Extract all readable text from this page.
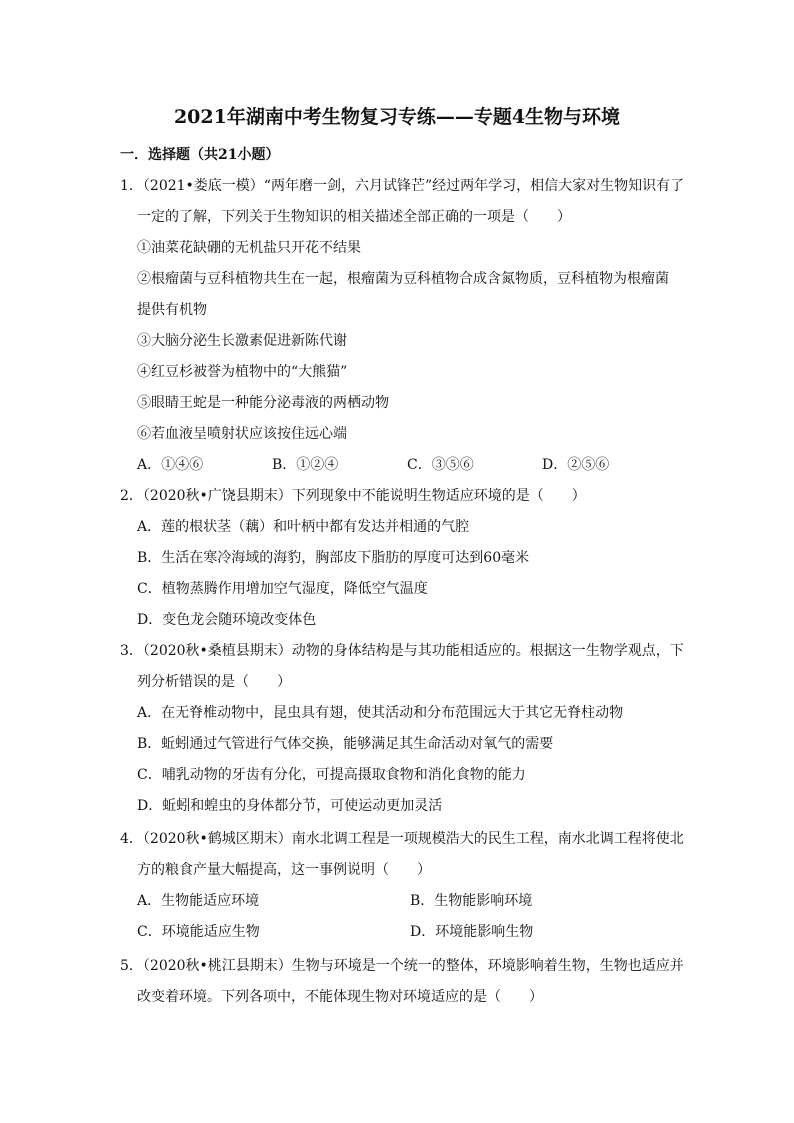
2021年湖南中考生物复习专练——专题4生物与环境
一．选择题（共21小题）
1．（2021•娄底一模）“两年磨一剑，六月试锋芒”经过两年学习，相信大家对生物知识有了
一定的了解，下列关于生物知识的相关描述全部正确的一项是（　　）
①油菜花缺硼的无机盐只开花不结果
②根瘤菌与豆科植物共生在一起，根瘤菌为豆科植物合成含氮物质，豆科植物为根瘤菌
提供有机物
③大脑分泌生长激素促进新陈代谢
④红豆杉被誉为植物中的“大熊猫”
⑤眼睛王蛇是一种能分泌毒液的两栖动物
⑥若血液呈喷射状应该按住远心端
A．①④⑥	B．①②④	C．③⑤⑥	D．②⑤⑥
2．（2020秋•广饶县期末）下列现象中不能说明生物适应环境的是（　　）
A．莲的根状茎（藕）和叶柄中都有发达并相通的气腔
B．生活在寒冷海域的海豹，胸部皮下脂肪的厚度可达到60毫米
C．植物蒸腾作用增加空气湿度，降低空气温度
D．变色龙会随环境改变体色
3．（2020秋•桑植县期末）动物的身体结构是与其功能相适应的。根据这一生物学观点，下
列分析错误的是（　　）
A．在无脊椎动物中，昆虫具有翅，使其活动和分布范围远大于其它无脊柱动物
B．蚯蚓通过气管进行气体交换，能够满足其生命活动对氧气的需要
C．哺乳动物的牙齿有分化，可提高摄取食物和消化食物的能力
D．蚯蚓和蝗虫的身体都分节，可使运动更加灵活
4．（2020秋•鹤城区期末）南水北调工程是一项规模浩大的民生工程，南水北调工程将使北
方的粮食产量大幅提高，这一事例说明（　　）
A．生物能适应环境	B．生物能影响环境
C．环境能适应生物	D．环境能影响生物
5．（2020秋•桃江县期末）生物与环境是一个统一的整体，环境影响着生物，生物也适应并
改变着环境。下列各项中，不能体现生物对环境适应的是（　　）
